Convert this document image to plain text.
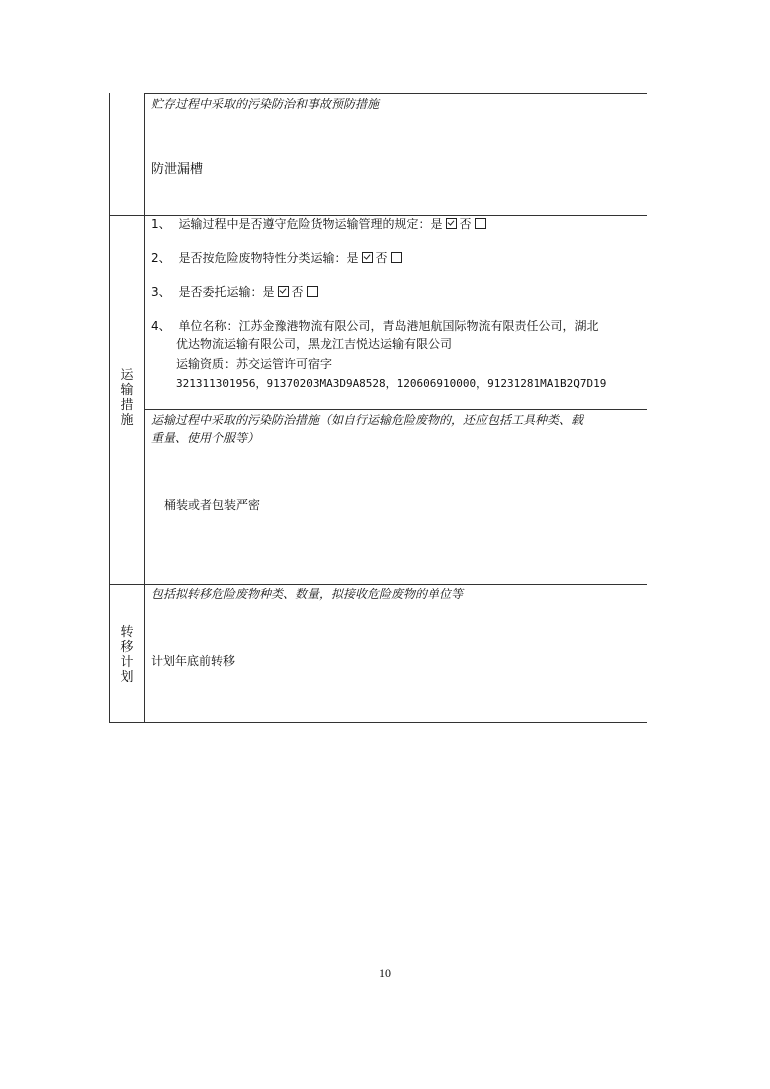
运
输
措
施
转
移
计
划
贮存过程中采取的污染防治和事故预防措施
防泄漏槽
1、 运输过程中是否遵守危险货物运输管理的规定：是 否
2、 是否按危险废物特性分类运输：是 否
3、 是否委托运输：是 否
4、 单位名称：江苏金豫港物流有限公司，青岛港旭航国际物流有限责任公司，湖北
优达物流运输有限公司，黑龙江吉悦达运输有限公司
运输资质：苏交运管许可宿字
321311301956，91370203MA3D9A8528，120606910000，91231281MA1B2Q7D19
运输过程中采取的污染防治措施（如自行运输危险废物的，还应包括工具种类、载
重量、使用个服等）
桶装或者包装严密
包括拟转移危险废物种类、数量，拟接收危险废物的单位等
计划年底前转移
10
